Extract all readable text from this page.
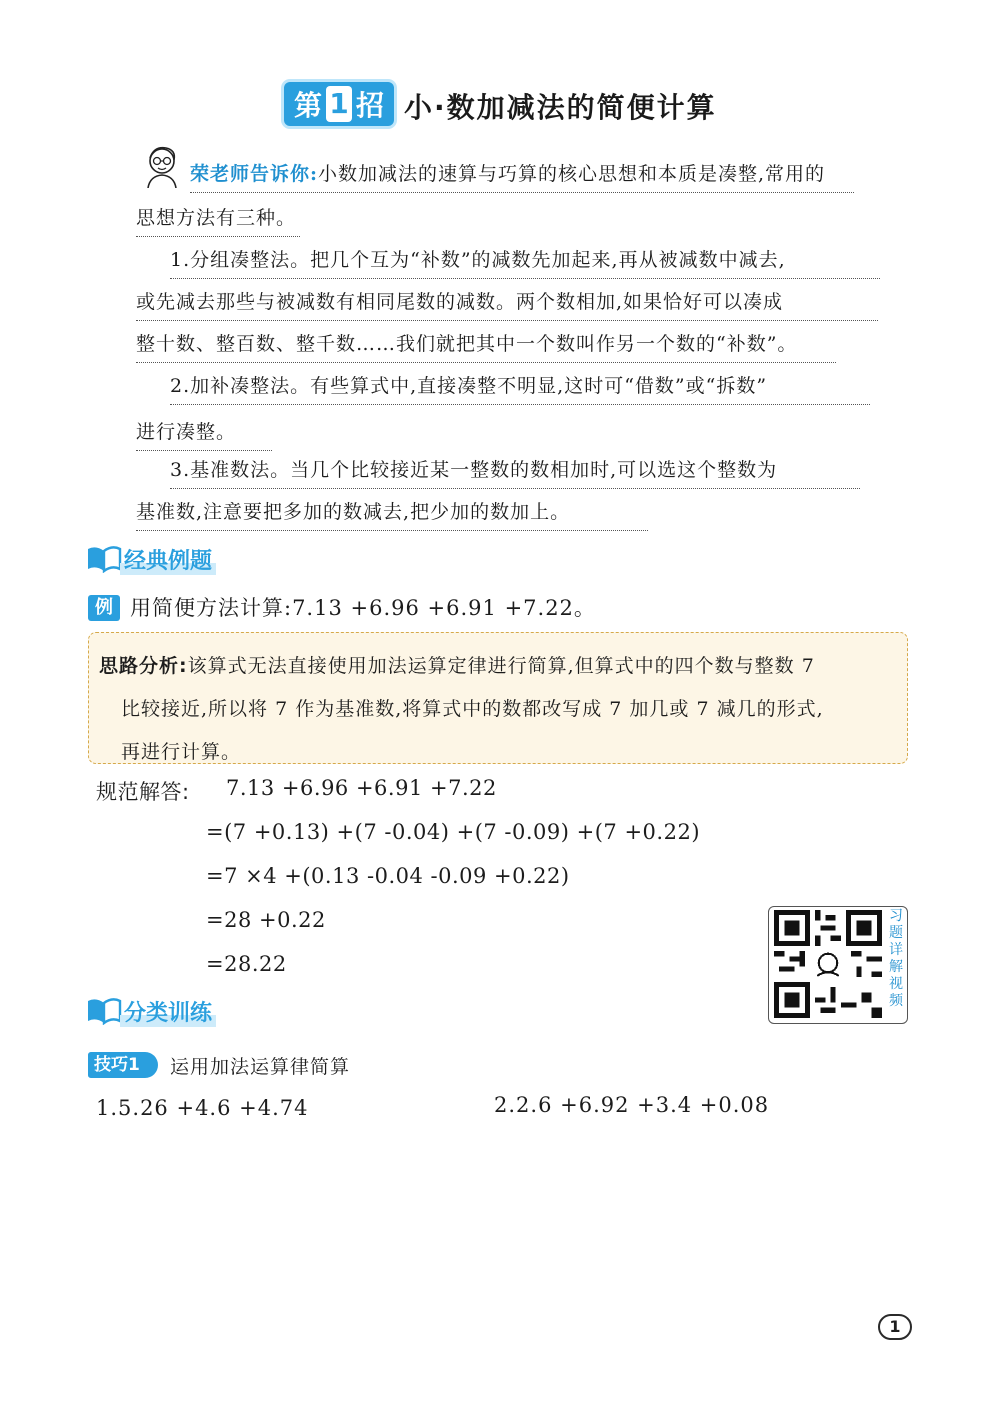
第 1 招 小·数加减法的简便计算
荣老师告诉你:小数加减法的速算与巧算的核心思想和本质是凑整,常用的
思想方法有三种。
1.分组凑整法。把几个互为“补数”的减数先加起来,再从被减数中减去,
或先减去那些与被减数有相同尾数的减数。两个数相加,如果恰好可以凑成
整十数、整百数、整千数……我们就把其中一个数叫作另一个数的“补数”。
2.加补凑整法。有些算式中,直接凑整不明显,这时可“借数”或“拆数”
进行凑整。
3.基准数法。当几个比较接近某一整数的数相加时,可以选这个整数为
基准数,注意要把多加的数减去,把少加的数加上。
经典例题
例 用简便方法计算:7.13 +6.96 +6.91 +7.22。
思路分析:该算式无法直接使用加法运算定律进行简算,但算式中的四个数与整数 7
比较接近,所以将 7 作为基准数,将算式中的数都改写成 7 加几或 7 减几的形式,
再进行计算。
规范解答: 7.13 +6.96 +6.91 +7.22
=(7 +0.13) +(7 -0.04) +(7 -0.09) +(7 +0.22)
=7 ×4 +(0.13 -0.04 -0.09 +0.22)
=28 +0.22
=28.22
习
题
详
解
视
频
分类训练
技巧1	运用加法运算律简算
1.5.26 +4.6 +4.74	2.2.6 +6.92 +3.4 +0.08
1
